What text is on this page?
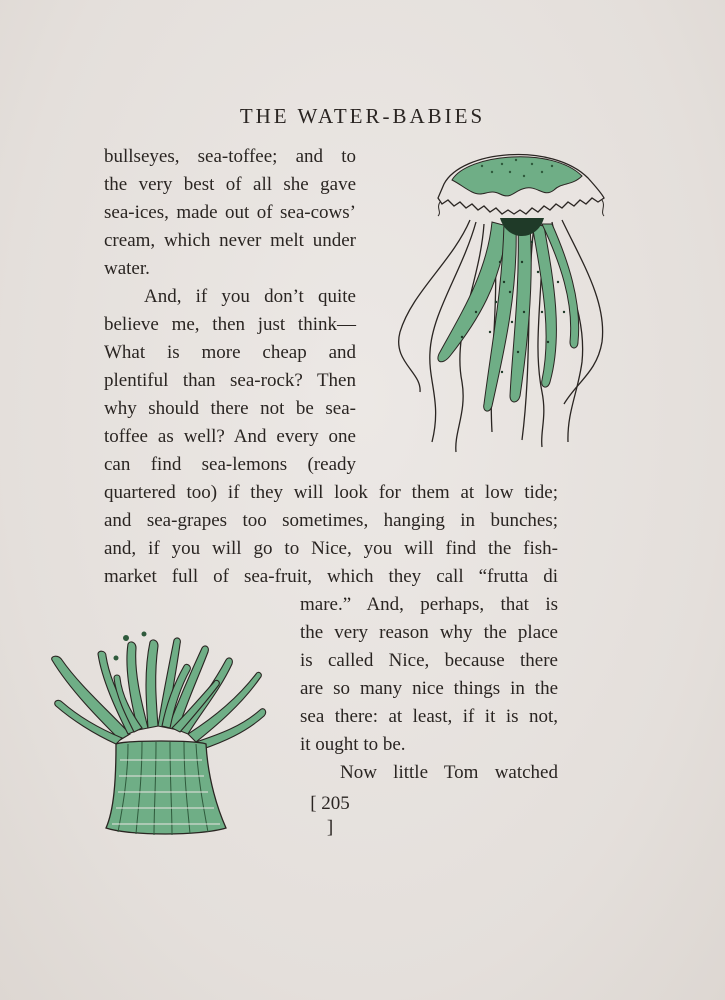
THE WATER-BABIES
bullseyes, sea-toffee; and to
the very best of all she gave
sea-ices, made out of sea-cows’
cream, which never melt under
water.
And, if you don’t quite
believe me, then just think—
What is more cheap and
plentiful than sea-rock? Then
why should there not be sea-
toffee as well? And every one
can find sea-lemons (ready
quartered too) if they will look for them at low tide;
and sea-grapes too sometimes, hanging in bunches;
and, if you will go to Nice, you will find the fish-
market full of sea-fruit, which they call “frutta di
mare.” And, perhaps, that is
the very reason why the place
is called Nice, because there
are so many nice things in the
sea there: at least, if it is not,
it ought to be.
Now little Tom watched
[ 205 ]
